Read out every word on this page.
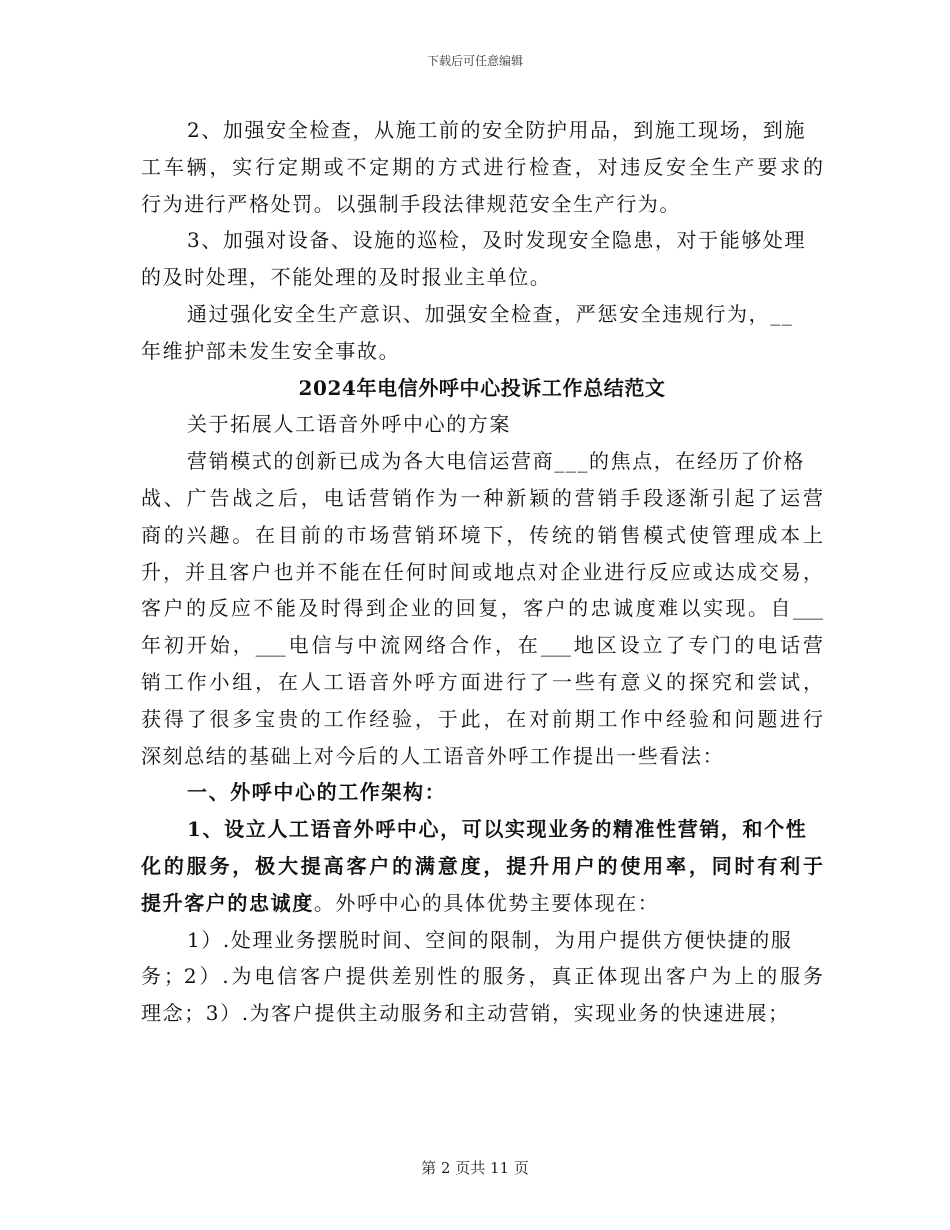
下载后可任意编辑
2、加强安全检查，从施工前的安全防护用品，到施工现场，到施
工车辆，实行定期或不定期的方式进行检查，对违反安全生产要求的
行为进行严格处罚。以强制手段法律规范安全生产行为。
3、加强对设备、设施的巡检，及时发现安全隐患，对于能够处理
的及时处理，不能处理的及时报业主单位。
通过强化安全生产意识、加强安全检查，严惩安全违规行为，__
年维护部未发生安全事故。
2024年电信外呼中心投诉工作总结范文
关于拓展人工语音外呼中心的方案
营销模式的创新已成为各大电信运营商___的焦点，在经历了价格
战、广告战之后，电话营销作为一种新颖的营销手段逐渐引起了运营
商的兴趣。在目前的市场营销环境下，传统的销售模式使管理成本上
升，并且客户也并不能在任何时间或地点对企业进行反应或达成交易，
客户的反应不能及时得到企业的回复，客户的忠诚度难以实现。自___
年初开始，___电信与中流网络合作，在___地区设立了专门的电话营
销工作小组，在人工语音外呼方面进行了一些有意义的探究和尝试，
获得了很多宝贵的工作经验，于此，在对前期工作中经验和问题进行
深刻总结的基础上对今后的人工语音外呼工作提出一些看法：
一、外呼中心的工作架构：
1、设立人工语音外呼中心，可以实现业务的精准性营销，和个性
化的服务，极大提高客户的满意度，提升用户的使用率，同时有利于
提升客户的忠诚度。外呼中心的具体优势主要体现在：
1）.处理业务摆脱时间、空间的限制，为用户提供方便快捷的服
务；2）.为电信客户提供差别性的服务，真正体现出客户为上的服务
理念；3）.为客户提供主动服务和主动营销，实现业务的快速进展；
第 2 页共 11 页
